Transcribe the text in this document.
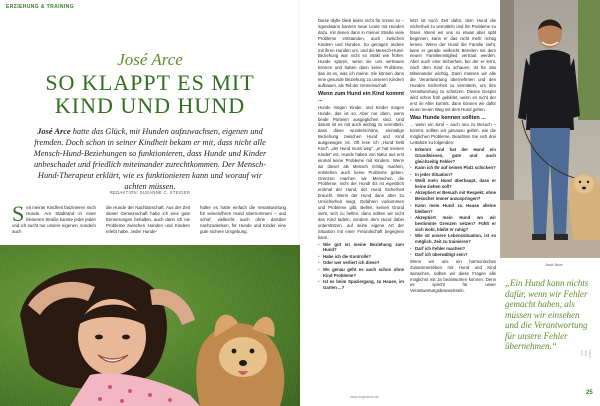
ERZIEHUNG & TRAINING
José Arce
SO KLAPPT ES MIT
KIND UND HUND
José Arce hatte das Glück, mit Hunden aufzuwachsen, eigenen und fremden. Doch schon in seiner Kindheit bekam er mit, dass nicht alle Mensch-Hund-Beziehungen so funktionieren, dass Hunde und Kinder unbeschadet und friedlich miteinander zurechtkommen. Der Mensch-Hund-Therapeut erklärt, wie es funktionieren kann und worauf wir achten müssen.
REDAKTION: SUSANNE C. STEIGER
Seit meiner Kindheit faszinieren mich Hunde. Am Stadtrand in einer kleineren Straße kannte jeder jeden und ich sucht nur unsere eigenen, sondern auch
die Hunde der Nachbarschaft. Aus der Zeit dieser Gemeinschaft habe ich eine gute Erinnerungen behalten, auch dann ich nie Probleme zwischen Hunden und Kindern erlebt habe. Jeder Hunde-
halter es hatte einfach die Verantwortung für seinen/ihren Hund übernommen – und schuf, vielleicht auch ohne darüber nachzudenken, für Hunde und Kinder eine gute sichere Umgebung.
Diese Idylle blieb leider nicht für immer so – irgendwann kannen neue Leute mit Hunden dazu, mit denen dann in meiner Straße viele Probleme entstanden, auch zwischen Kindern und Hunden. So genügen andere mit ihren Hunden um, und die Mensch-Hund-Beziehung war nicht so intakt wie früher. Hunde spüren, wenn sie uns vertrauen können und haben dann keine Probleme, das ist es, was ich meine. Sie können dann eine gesunde Beziehung zu unseren Kindern aufbauen, als Teil der Gemeinschaft.
Wenn zum Hund ein Kind kommt ...
Hunde mögen Kinder, und Kinder mögen Hunde, das ist so. Aber nur dann, wenn beide Parteien ausgeglichen sind. Und darum ist es mit auch wichtig zu vermitteln, dass diese wunderschöne, einmalige Beziehung zwischen Hund und Kind ausgewogen ist. Oft lese ich „Hund bellt Kind“, „der Hund muss weg“, „er hat meinen Kinder“ etc. Hunde haben von Natur aus erst einmal keine Probleme mit Kindern. Wenn wir dieser als Mensch richtig machen, entstehen auch keine Probleme geben. Grenzen machen wir Menschen die Probleme, nicht der Hund! Es ist eigentlich erstmal der Hund, der Hund Sicherheit braucht. Wenn der Hund dann aber zu Unsicherheit neigt, Gefahren vorkommen und Probleme gibt, Bellen, keinen Grund sieht, sich zu helfen, dann sollten wir nicht das Kind tadeln, sondern dem Hund dabei unterstützen, auf seine eigene Art der Situation mit einer Freundschaft begegnen kann.
• Wie gut ist meine Beziehung zum Hund?
• Habe ich die Kontrolle?
• Oder wer verliert ich diese?
• Wo genau geht es auch schon ohne Kind Probleme?
• Ist es beim Spaziergang, zu Hause, im Garten ...?
letzt ist noch Zeit dafür, dem Hund die Sicherheit zu vermitteln und ihn Probleme zu lösen. Wenn wir uns so etwas aber spät beginnen, kann er das nicht mehr richtig lernen. Wenn der Hund die Familie sieht, kann er gerade vielleicht Bereiten mit dem neuen Familienmitglied vertraut werden. Aber auch eine Sicherheit, bei der er lernt, nach dem Kind zu schauen, ist für das Miteinander wichtig. Dann müssen wir alle die Verantwortung übernehmen und den Hunden Sicherheit zu vermitteln, um ihre Verantwortung zu schützen. Dieses Gespür wird schon früh gebildet, wenn es nicht der erst im Alter kommt, dann können wir dafür einen neuen Weg mit dem Hund gehen.
Was Hunde kennen sollten ...
... wenn ein Kind – auch neu zu Besuch – kommt, sollten wir genauso gelten, wie die möglichen Probleme. Beachten Sie sich drei Leitsätze zu folgenden:
• Erkennt und hat der Hund ein Grundwissen, gute und auch gleichzeitig Fehler?
• Kann ich Ihr auf seinen Platz schicken?
• In jeder Situation?
• Weiß mein Hund überhaupt, dass er keine ziehen soll?
• Akzeptiert er Besuch mit Respekt, ohne Besucher immer anzuspringen?
• Kann mein Hund zu Hause alleine bleiben?
• Akzeptiert mein Hund wo wir bestimmte Grenzen setzen? Fühlt er sich wohl, bleibt er ruhig?
• Wie ist unsere Lebenssituation, ist es möglich, Zeit zu trainieren?
• Darf ich Fehler machen?
• Darf ich überwältigt sein?
Wenn wir uns ein harmonisches Zusammenleben mit Hund und Kind wünschen, sollten wir diese Fragen alle möglichst mit Ja beantworten können. Denn es spricht für unser Verantwortungsbewusstsein.
José Arce
„Ein Hund kann nichts dafür, wenn wir Fehler gemacht haben, als müssen wir einsehen und die Verantwortung für unsere Fehler übernehmen.“
www.dogtrainer.de
25
Fotos: José Arce
